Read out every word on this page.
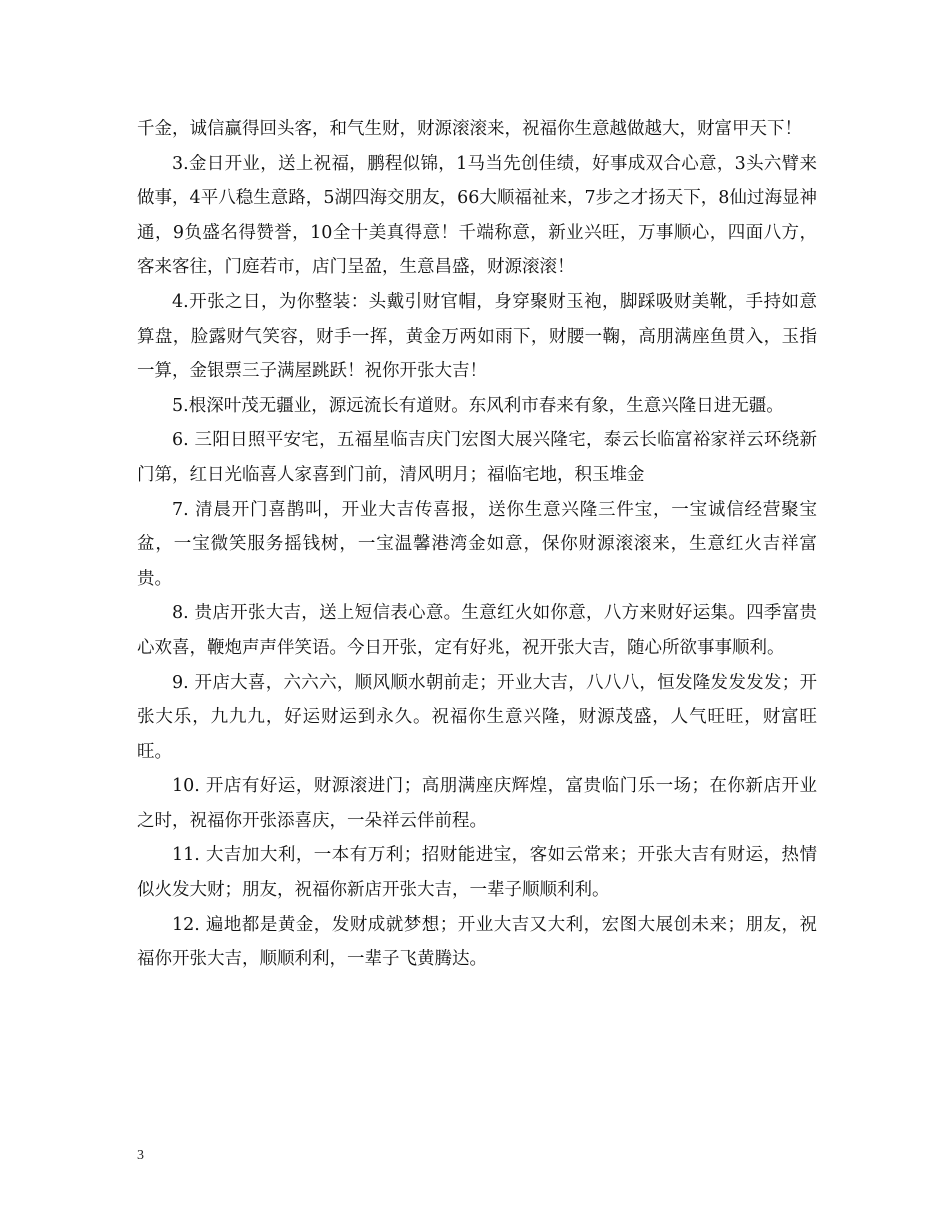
千金，诚信赢得回头客，和气生财，财源滚滚来，祝福你生意越做越大，财富甲天下！

3.金日开业，送上祝福，鹏程似锦，1马当先创佳绩，好事成双合心意，3头六臂来做事，4平八稳生意路，5湖四海交朋友，66大顺福祉来，7步之才扬天下，8仙过海显神通，9负盛名得赞誉，10全十美真得意！千端称意，新业兴旺，万事顺心，四面八方，客来客往，门庭若市，店门呈盈，生意昌盛，财源滚滚！

4.开张之日，为你整装：头戴引财官帽，身穿聚财玉袍，脚踩吸财美靴，手持如意算盘，脸露财气笑容，财手一挥，黄金万两如雨下，财腰一鞠，高朋满座鱼贯入，玉指一算，金银票三子满屋跳跃！祝你开张大吉！

5.根深叶茂无疆业，源远流长有道财。东风利市春来有象，生意兴隆日进无疆。

6. 三阳日照平安宅，五福星临吉庆门宏图大展兴隆宅，泰云长临富裕家祥云环绕新门第，红日光临喜人家喜到门前，清风明月；福临宅地，积玉堆金

7. 清晨开门喜鹊叫，开业大吉传喜报，送你生意兴隆三件宝，一宝诚信经营聚宝盆，一宝微笑服务摇钱树，一宝温馨港湾金如意，保你财源滚滚来，生意红火吉祥富贵。

8. 贵店开张大吉，送上短信表心意。生意红火如你意，八方来财好运集。四季富贵心欢喜，鞭炮声声伴笑语。今日开张，定有好兆，祝开张大吉，随心所欲事事顺利。

9. 开店大喜，六六六，顺风顺水朝前走；开业大吉，八八八，恒发隆发发发发；开张大乐，九九九，好运财运到永久。祝福你生意兴隆，财源茂盛，人气旺旺，财富旺旺。

10. 开店有好运，财源滚进门；高朋满座庆辉煌，富贵临门乐一场；在你新店开业之时，祝福你开张添喜庆，一朵祥云伴前程。

11. 大吉加大利，一本有万利；招财能进宝，客如云常来；开张大吉有财运，热情似火发大财；朋友，祝福你新店开张大吉，一辈子顺顺利利。

12. 遍地都是黄金，发财成就梦想；开业大吉又大利，宏图大展创未来；朋友，祝福你开张大吉，顺顺利利，一辈子飞黄腾达。

3
